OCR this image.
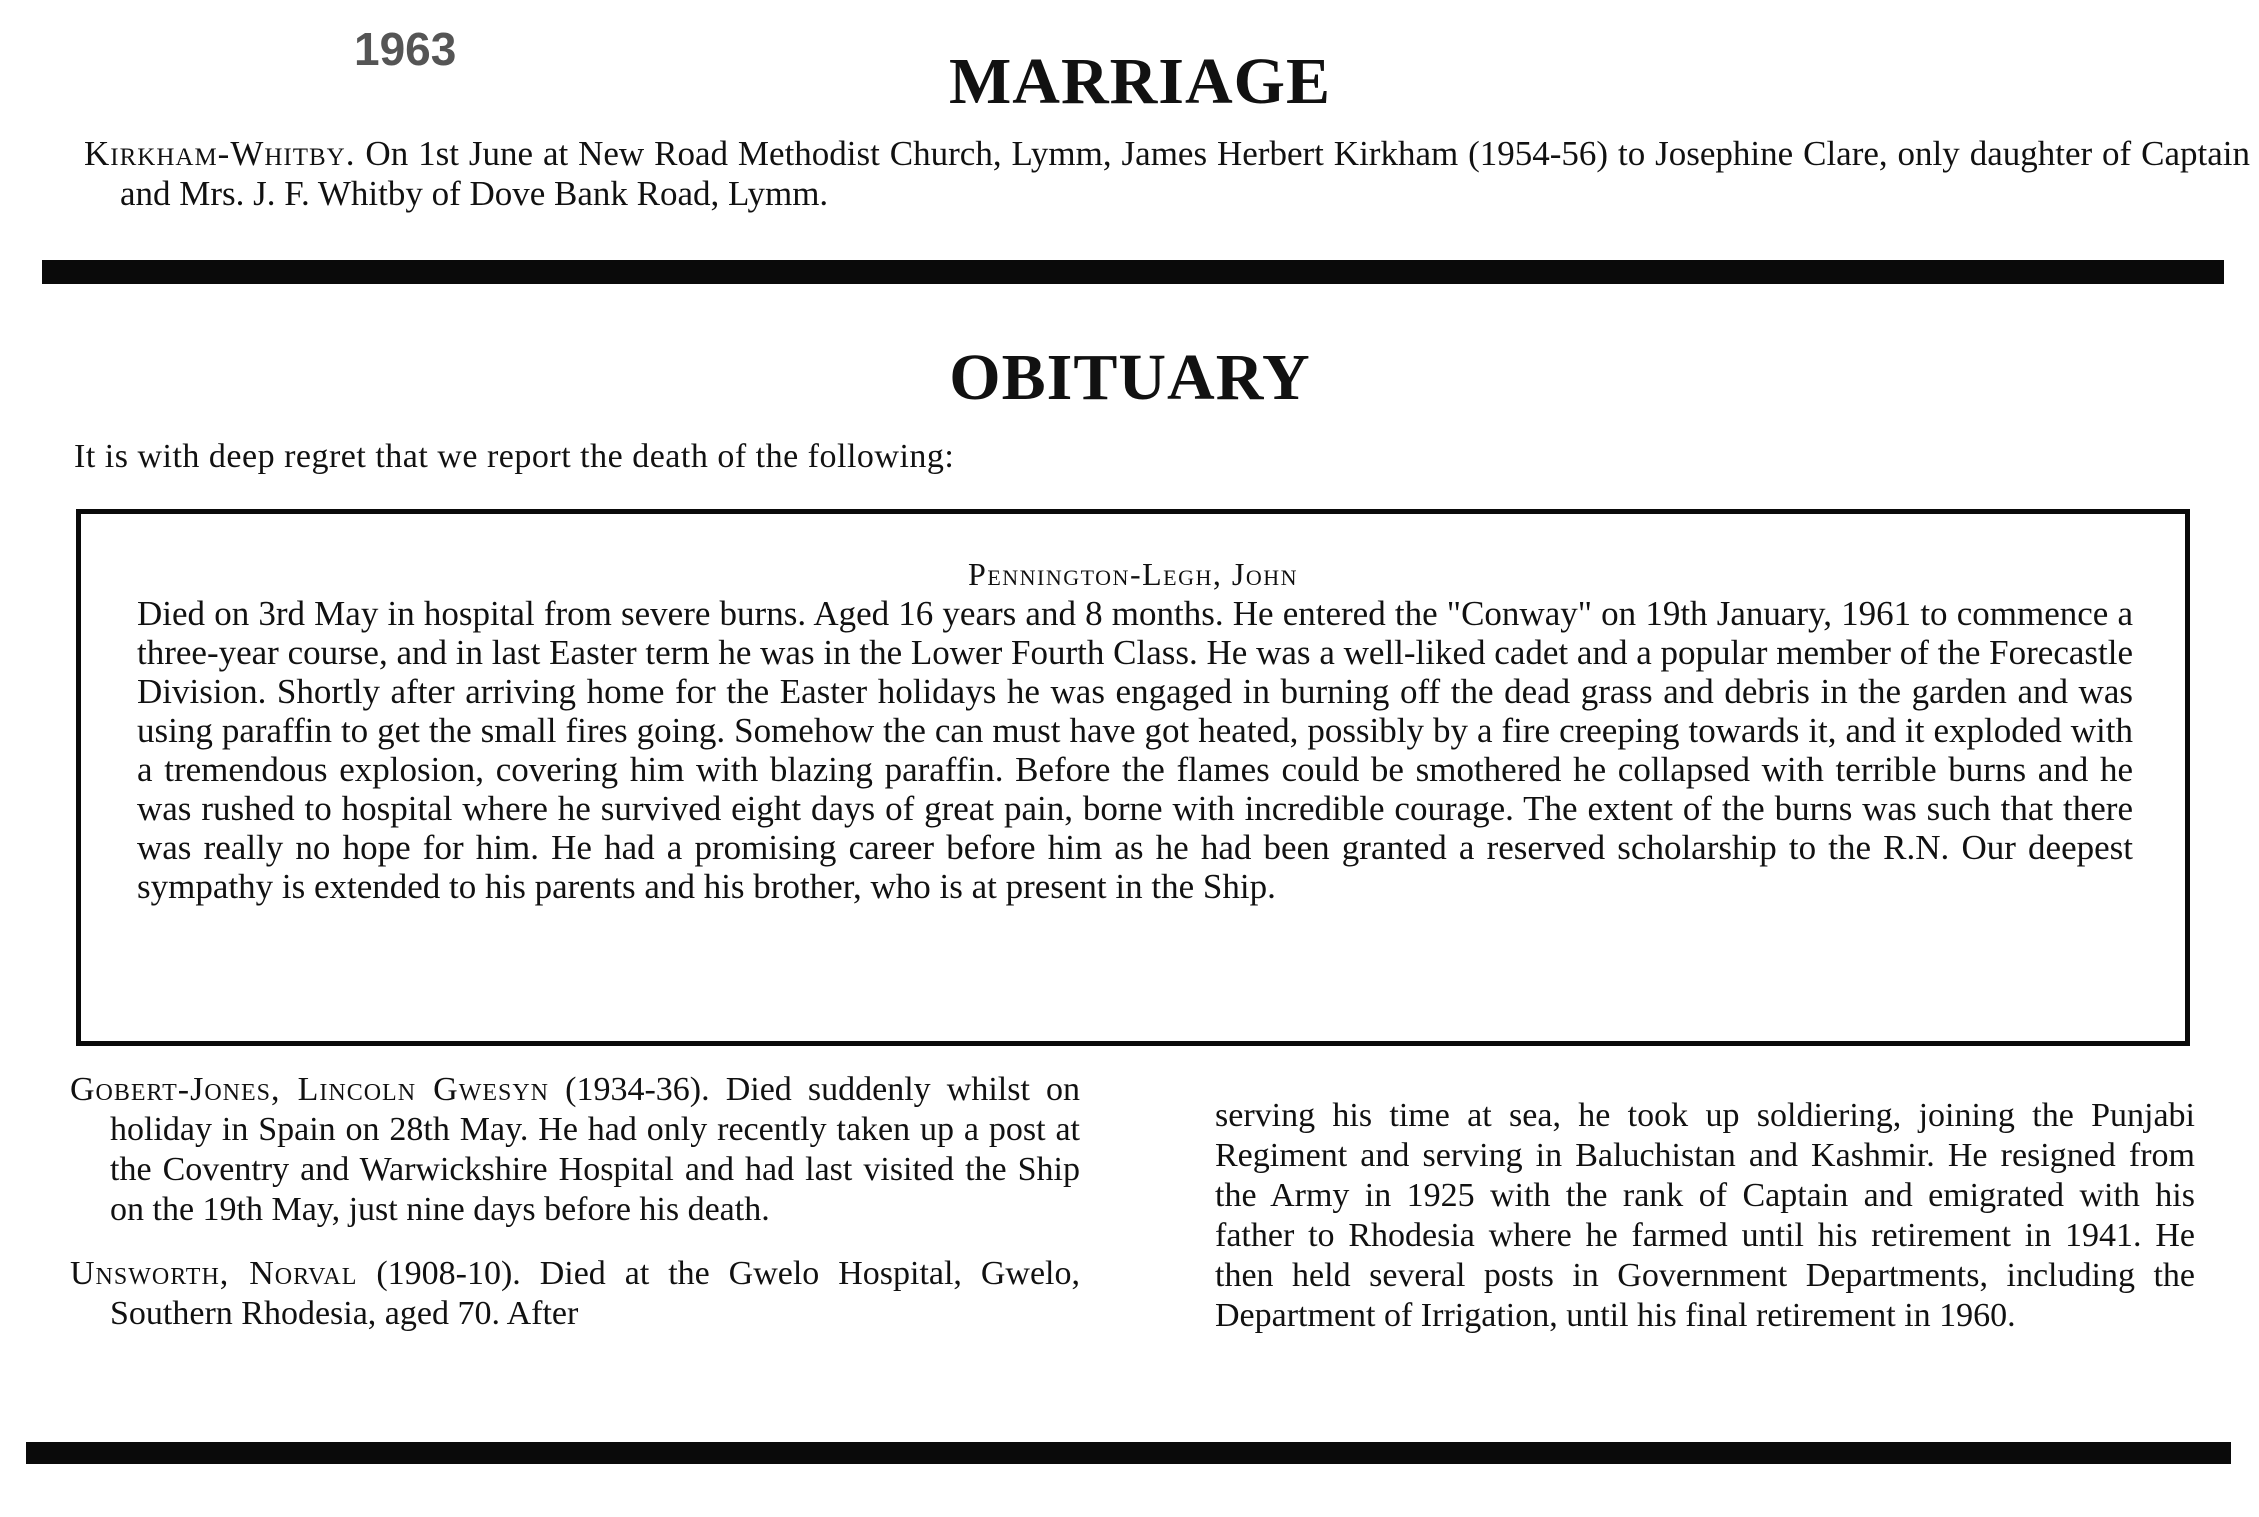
1963	MARRIAGE

Kirkham-Whitby. On 1st June at New Road Methodist Church, Lymm, James Herbert Kirkham (1954-56) to Josephine Clare, only daughter of Captain and Mrs. J. F. Whitby of Dove Bank Road, Lymm.

OBITUARY

It is with deep regret that we report the death of the following:

Pennington-Legh, John

Died on 3rd May in hospital from severe burns. Aged 16 years and 8 months. He entered the "Conway" on 19th January, 1961 to commence a three-year course, and in last Easter term he was in the Lower Fourth Class. He was a well-liked cadet and a popular member of the Forecastle Division. Shortly after arriving home for the Easter holidays he was engaged in burning off the dead grass and debris in the garden and was using paraffin to get the small fires going. Somehow the can must have got heated, possibly by a fire creeping towards it, and it exploded with a tremendous explosion, covering him with blazing paraffin. Before the flames could be smothered he collapsed with terrible burns and he was rushed to hospital where he survived eight days of great pain, borne with incredible courage. The extent of the burns was such that there was really no hope for him. He had a promising career before him as he had been granted a reserved scholarship to the R.N. Our deepest sympathy is extended to his parents and his brother, who is at present in the Ship.

Gobert-Jones, Lincoln Gwesyn (1934-36). Died suddenly whilst on holiday in Spain on 28th May. He had only recently taken up a post at the Coventry and Warwickshire Hospital and had last visited the Ship on the 19th May, just nine days before his death.

Unsworth, Norval (1908-10). Died at the Gwelo Hospital, Gwelo, Southern Rhodesia, aged 70. After

serving his time at sea, he took up soldiering, joining the Punjabi Regiment and serving in Baluchistan and Kashmir. He resigned from the Army in 1925 with the rank of Captain and emigrated with his father to Rhodesia where he farmed until his retirement in 1941. He then held several posts in Government Departments, including the Department of Irrigation, until his final retirement in 1960.
